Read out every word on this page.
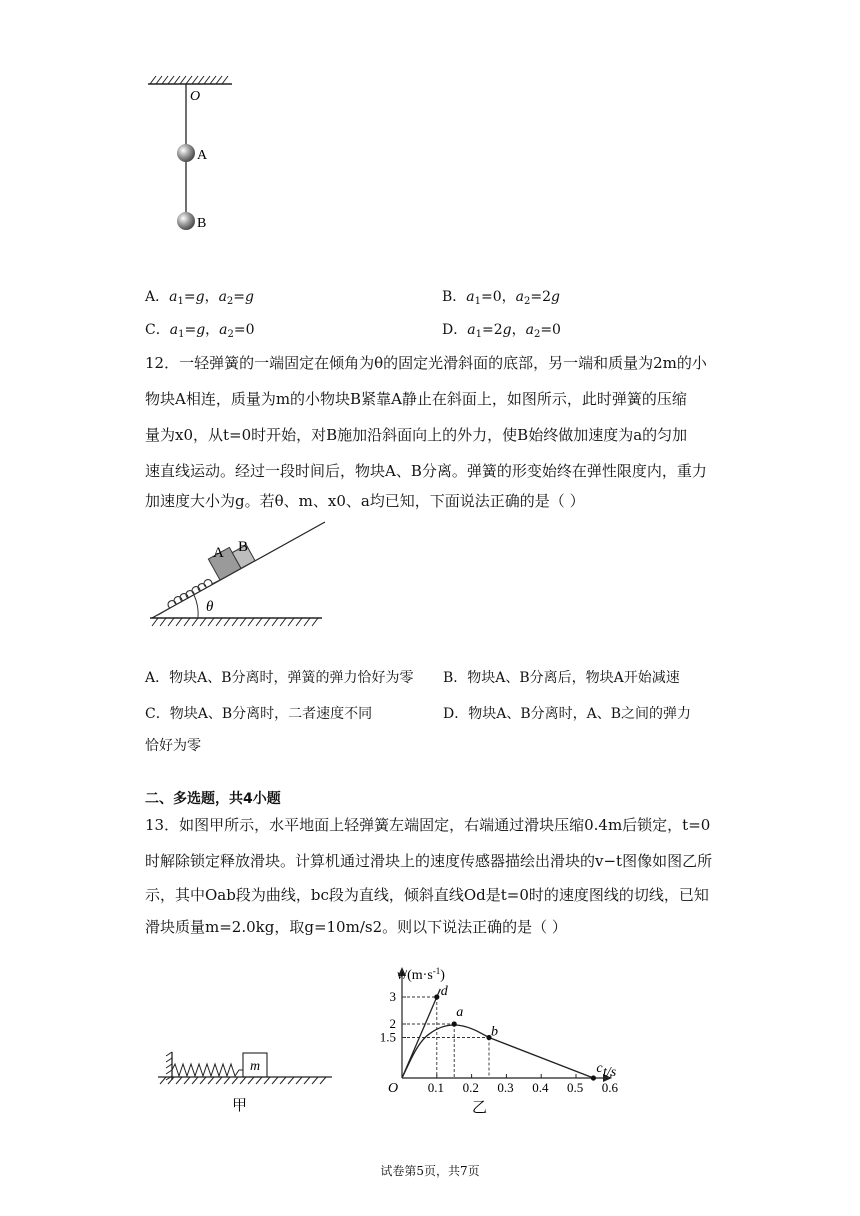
O
A
B
A．$a_1=g$，$a_2=g$	B．$a_1=0$，$a_2=2g$
C．$a_1=g$，$a_2=0$	D．$a_1=2g$，$a_2=0$
12．一轻弹簧的一端固定在倾角为θ的固定光滑斜面的底部，另一端和质量为2m的小
物块A相连，质量为m的小物块B紧靠A静止在斜面上，如图所示，此时弹簧的压缩
量为x0，从t=0时开始，对B施加沿斜面向上的外力，使B始终做加速度为a的匀加
速直线运动。经过一段时间后，物块A、B分离。弹簧的形变始终在弹性限度内，重力
加速度大小为g。若θ、m、x0、a均已知，下面说法正确的是（ ）
A B
θ
A．物块A、B分离时，弹簧的弹力恰好为零 B．物块A、B分离后，物块A开始减速
C．物块A、B分离时，二者速度不同	D．物块A、B分离时，A、B之间的弹力
恰好为零
二、多选题，共4小题
13．如图甲所示，水平地面上轻弹簧左端固定，右端通过滑块压缩0.4m后锁定，t=0
时解除锁定释放滑块。计算机通过滑块上的速度传感器描绘出滑块的v−t图像如图乙所
示，其中Oab段为曲线，bc段为直线，倾斜直线Od是t=0时的速度图线的切线，已知
滑块质量m=2.0kg，取g=10m/s2。则以下说法正确的是（ ）
m
甲
$v/(m\cdot s^{-1})$
t/s
O
乙
0.1 0.2 0.3 0.4 0.5 0.6
1.5
2
3	d
a
b
c
试卷第5页，共7页
